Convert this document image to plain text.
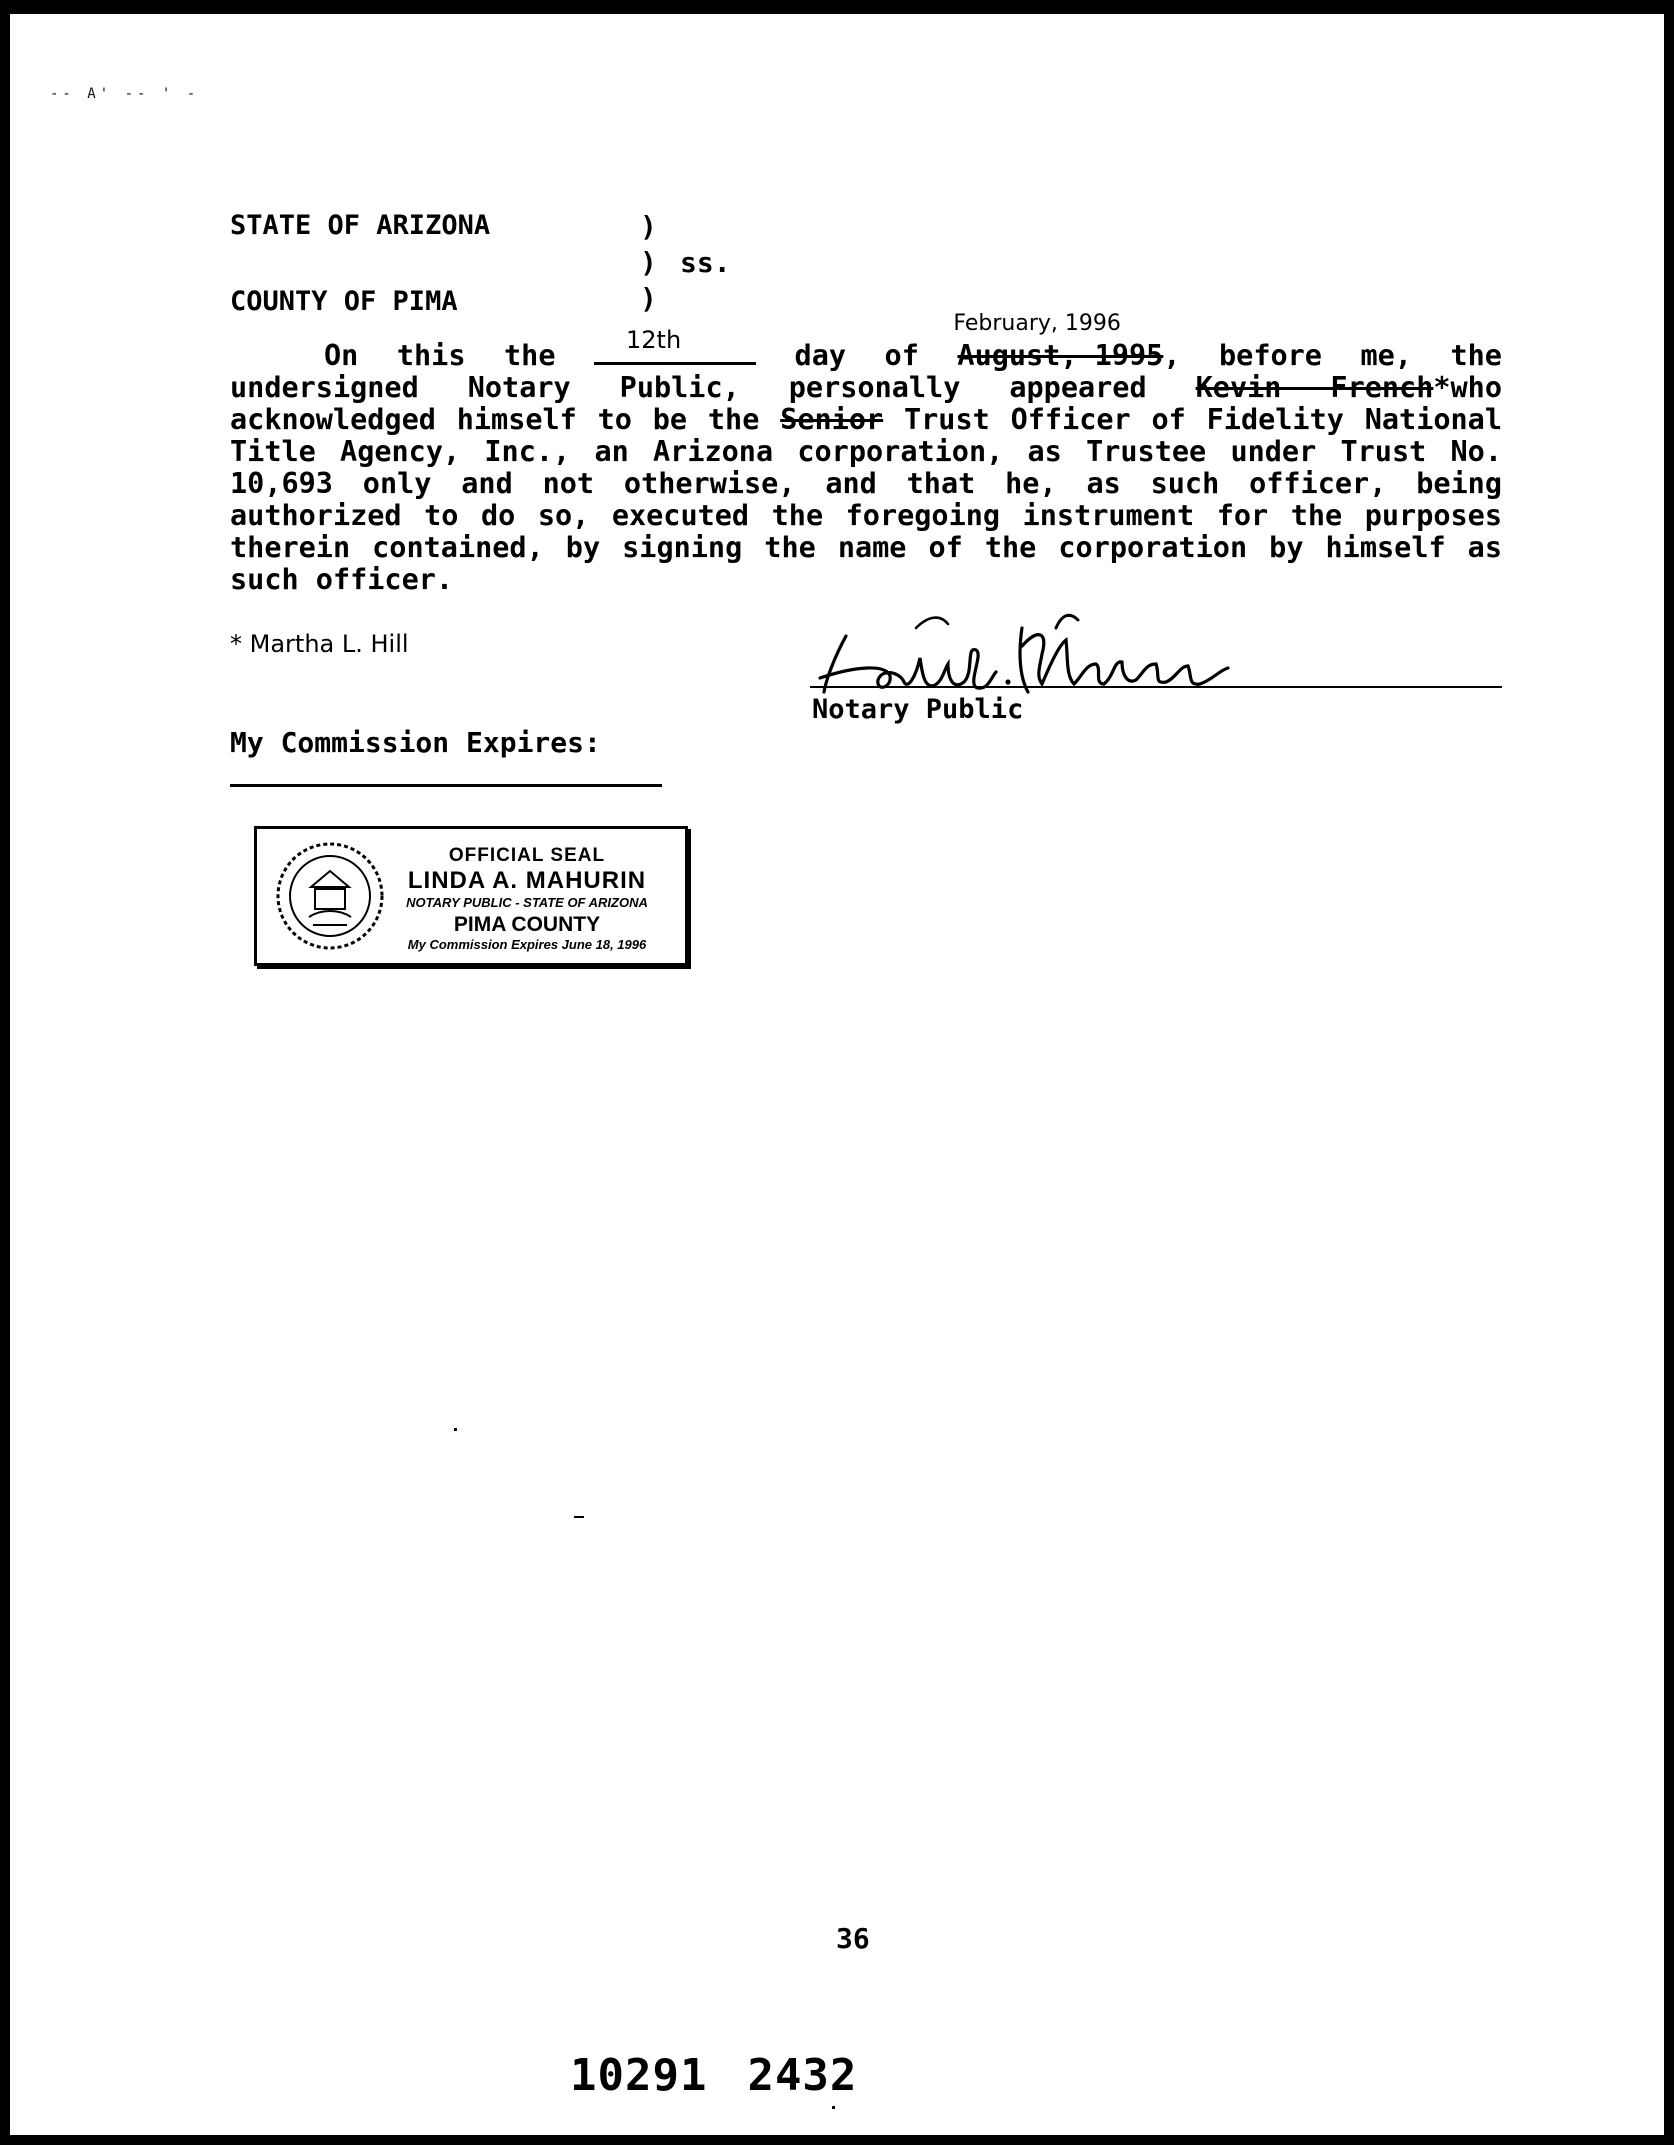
-- A' -- ' -
STATE OF ARIZONA
COUNTY OF PIMA
)
)
)
ss.
On this the	12th	day of
February, 1996
August, 1995, before me, the undersigned Notary Public, personally appeared Kevin French*who acknowledged himself to be the Senior Trust Officer of Fidelity National Title Agency, Inc., an Arizona corporation, as Trustee under Trust No. 10,693 only and not otherwise, and that he, as such officer, being authorized to do so, executed the foregoing instrument for the purposes therein contained, by signing the name of the corporation by himself as such officer.
* Martha L. Hill
Notary Public
My Commission Expires:
OFFICIAL SEAL
LINDA A. MAHURIN
NOTARY PUBLIC - STATE OF ARIZONA
PIMA COUNTY
My Commission Expires June 18, 1996
36
10291 2432
